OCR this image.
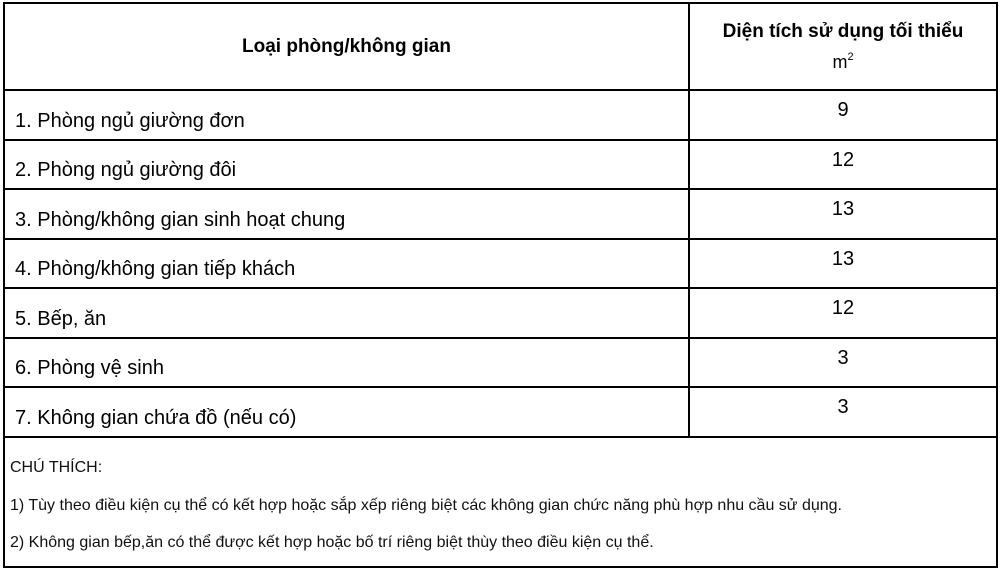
Loại phòng/không gian	Diện tích sử dụng tối thiểu
$m^2$

1. Phòng ngủ giường đơn	9
2. Phòng ngủ giường đôi	12
3. Phòng/không gian sinh hoạt chung	13
4. Phòng/không gian tiếp khách	13
5. Bếp, ăn	12
6. Phòng vệ sinh	3
7. Không gian chứa đồ (nếu có)	3
CHÚ THÍCH:
1) Tùy theo điều kiện cụ thể có kết hợp hoặc sắp xếp riêng biệt các không gian chức năng phù hợp nhu cầu sử dụng.
2) Không gian bếp,ăn có thể được kết hợp hoặc bố trí riêng biệt thùy theo điều kiện cụ thể.
